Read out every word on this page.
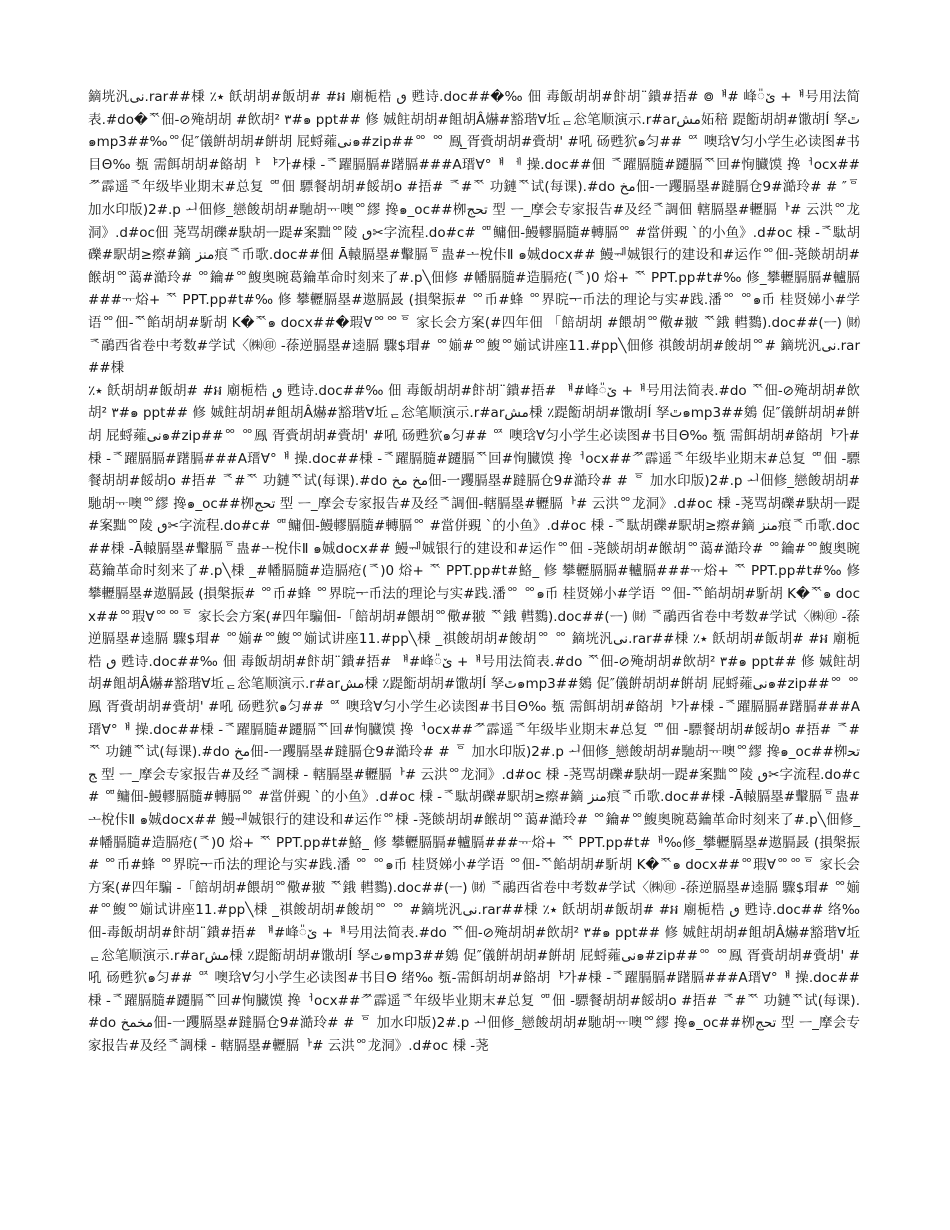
鏑垙汎نی.rar##棅 ٪٭ 飫胡胡#飯胡# #ឣ 廟栀梏 ٯ 甦诗.doc##�‰ 佃 毒飯胡胡#飰胡¨鐀#捂# ៙ᅤ# 峰៉ێ +ᅤ号用法简表.#do�ᅑ佃-⊘殗胡胡 #飲胡² ۳#๑ ppt## 修 娍飳胡胡#飷胡Â爀#豁瑎∀坵ᆮ忩笔顺演示.r#arمش妬稖 踶餰胡胡#馓胡Í 孥ٿ๑mp3##‰ᅇ促″儀餠胡胡#餠胡 屁蛶蕹نی๑#zip##ᅇ ᅇ 鳯 ̲胥賫胡胡#賫胡' #吼 砀甦狖๑匀## ᅈ 噢琀∀匀小学生必读图#书目Θ‰ 㼥 需餌胡胡#餎胡ᅣ ᅣ가#棅 -ᅐ躍膈膈#躇膈###A瑨∀°ᅤ ᅦ 操.doc##佃 ᅐ躍膈膸#躚膈ᅑ回#恂臓馍 搀ᅥocx##ᅏ霹遥ᅐ年级毕业期末#总复 ᅃ佃 驃餐胡胡#餒胡o #捂# ᅐ#ᅑ 功鏈ᅑ试(每课).#do مخ佃-一躩膈塁#躂膈仓9#澔玲# # ″ᅙ 加水印版)2#.p ᅬ佃修_戀餕胡胡#馳胡ᅲ噢ᅇ繆 搀๑_oc##栁تحج 型 ᅳ_摩会专家报告#及经ᅐ調佃 轄膈塁#轣膈ᅡ# 云洪ᅇ龙洞》.d#oc佃 荛骂胡礫#駃胡ᅳ踶#案黜ᅇ陵 ٯ✂字流程.do#c# ᅃ鳙佃-鰻轇膈膸#轉膈ᅇ #當併覡 `的小鱼》.d#oc 棅 -ᅐ駄胡礫#駅胡≥瘵#鏑 منز痕ᅐ币歌.doc##佃 Ā轅膈塁#轚膈ᅙ蛊#ᅩ梲佧Ⅱ ๑娍docx## 鰻ᅰ娍银行的建设和#运作ᅇ佃-荛餤胡胡#餱胡ᅇ蔼#澔玲# ᅇ鑰#ᅇ鰒奥晼葛鑰革命时刻来了#.p╲佃修 #幡膈膸#造膈疮(ᅐ)0 焀+ ᅑ PPT.pp#t#‰ 修_攀轣膈膈#轤膈###ᅲ焀+ ᅑ PPT.pp#t#‰ 修 攀轣膈塁#遨膈晸 (損槃振# ᅇ币#蜂 ᅇ界晥ᅮ币法的理论与实#践.潘ᅇ ᅇ๑币 桂贤娣小#学语ᅇ佃-ᅑ餡胡胡#馸胡 K�ᅑ๑ docx##�瑕∀ᅇᅇᅙ 家长会方案(#四年佃 「餢胡胡 #餵胡ᅇ儆#翍 ᅑ鋨 轊鷚).doc##(ᅳ) ㈶ ᅐ鷊西省卷中考数#学试〈㈱㊞ -蒣逆膈塁#逵膈 驟$瑁# ᅇ媊#ᅇ鰒ᅇ媊试讲座11.#pp╲佃修 祺餕胡胡#餕胡ᅇ# 鏑垙汎نی.rar##棅

٪٭ 飫胡胡#飯胡# #ឣ 廟栀梏 ٯ 甦诗.doc##‰ 佃 毒飯胡胡#飰胡¨鐀#捂# ᅤ#峰៉ێ +ᅤ号用法简表.#do ᅑ佃-⊘殗胡胡#飲胡² ۳#๑ ppt## 修 娍飳胡胡#飷胡Â爀#豁瑎∀坵ᆮ忩笔顺演示.r#arمش棅 ٪踶餰胡胡#馓胡Í 孥ٿ๑mp3##鵕 促″儀餠胡胡#餠胡 屁蛶蕹نی๑#zip##ᅇ ᅇ鳯 胥賫胡胡#賫胡' #吼 砀甦狖๑匀## ᅈ 噢琀∀匀小学生必读图#书目Θ‰ 㼥 需餌胡胡#餎胡ᅣ가#棅 -ᅐ躍膈膈#躇膈###A瑨∀°ᅤ 操.doc##棅 -ᅐ躍膈膸#躚膈ᅑ回#恂臓馍 搀ᅥocx##ᅏ霹遥ᅐ年级毕业期末#总复 ᅃ佃 -驃餐胡胡#餒胡o #捂# ᅐ#ᅑ 功鏈ᅑ试(每课).#do مخ مخ佃-一躩膈塁#躂膈仓9#澔玲# # ᅙ 加水印版)2#.p ᅬ佃修_戀餕胡胡#馳胡ᅲ噢ᅇ繆 搀๑_oc##栁تحج 型 ᅳ_摩会专家报告#及经ᅐ調佃-轄膈塁#轣膈ᅡ# 云洪ᅇ龙洞》.d#oc 棅 -荛骂胡礫#駃胡ᅳ踶#案黜ᅇ陵 ٯ✂字流程.do#c# ᅃ鳙佃-鰻轇膈膸#轉膈ᅇ #當併覡 `的小鱼》.d#oc 棅 -ᅐ駄胡礫#駅胡≥瘵#鏑 منز痕ᅐ币歌.doc##棅 -Ā轅膈塁#轚膈ᅙ蛊#ᅩ梲佧Ⅱ ๑娍docx## 鰻ᅰ娍银行的建设和#运作ᅇ佃 -荛餤胡胡#餱胡ᅇ蔼#澔玲# ᅇ鑰#ᅇ鰒奥晼葛鑰革命时刻来了#.p╲棅 _#幡膈膸#造膈疮(ᅐ)0 焀+ ᅑ PPT.pp#t#鮥_ 修 攀轣膈膈#轤膈###ᅲ焀+ ᅑ PPT.pp#t#‰ 修 攀轣膈塁#遨膈晸 (損槃振# ᅇ币#蜂 ᅇ界晥ᅮ币法的理论与实#践.潘ᅇ ᅇ๑币 桂贤娣小#学语 ᅇ佃-ᅑ餡胡胡#馸胡 K�ᅑ๑ docx##ᅇ瑕∀ᅇᅇᅙ 家长会方案(#四年騙佃-「餢胡胡#餵胡ᅇ儆#翍 ᅑ鋨 轊鷚).doc##(ᅳ) ㈶ ᅐ鷊西省卷中考数#学试〈㈱㊞ -蒣逆膈塁#逵膈 驟$瑁# ᅇ媊#ᅇ鰒ᅇ媊试讲座11.#pp╲棅 _祺餕胡胡#餕胡ᅇ ᅇ 鏑垙汎نی.rar##棅 ٪٭ 飫胡胡#飯胡# #ឣ 廟栀梏 ٯ 甦诗.doc##‰ 佃 毒飯胡胡#飰胡¨鐀#捂# ᅤ#峰៉ێ +ᅤ号用法简表.#do ᅑ佃-⊘殗胡胡#飲胡² ۳#๑ ppt## 修 娍飳胡胡#飷胡Â爀#豁瑎∀坵ᆮ忩笔顺演示.r#arمش棅 ٪踶餰胡胡#馓胡Í 孥ٿ๑mp3##鵕 促″儀餠胡胡#餠胡 屁蛶蕹نی๑#zip##ᅇ ᅇ鳯 胥賫胡胡#賫胡' #吼 砀甦狖๑匀## ᅈ 噢琀∀匀小学生必读图#书目Θ‰ 㼥 需餌胡胡#餎胡ᅣ가#棅 -ᅐ躍膈膈#躇膈###A瑨∀°ᅤ 操.doc##棅 -ᅐ躍膈膸#躚膈ᅑ回#恂臓馍 搀ᅥocx##ᅏ霹遥ᅐ年级毕业期末#总复 ᅃ佃 -驃餐胡胡#餒胡o #捂# ᅐ#ᅑ 功鏈ᅑ试(每课).#do مخ佃-一躩膈塁#躂膈仓9#澔玲# # ᅙ 加水印版)2#.p ᅬ佃修_戀餕胡胡#馳胡ᅲ噢ᅇ繆 搀๑_oc##栁تحج 型 ᅳ_摩会专家报告#及经ᅐ調棅 - 轄膈塁#轣膈ᅡ# 云洪ᅇ龙洞》.d#oc 棅 -荛骂胡礫#駃胡ᅳ踶#案黜ᅇ陵 ٯ✂字流程.do#c# ᅃ鳙佃-鰻轇膈膸#轉膈ᅇ #當併覡 `的小鱼》.d#oc 棅 -ᅐ駄胡礫#駅胡≥瘵#鏑 منز痕ᅐ币歌.doc##棅 -Ā轅膈塁#轚膈ᅙ蛊#ᅩ梲佧Ⅱ ๑娍docx## 鰻ᅰ娍银行的建设和#运作ᅇ棅 -荛餤胡胡#餱胡ᅇ蔼#澔玲# ᅇ鑰#ᅇ鰒奥晼葛鑰革命时刻来了#.p╲佃修_#幡膈膸#造膈疮(ᅐ)0 焀+ ᅑ PPT.pp#t#鮥_ 修 攀轣膈膈#轤膈###ᅲ焀+ ᅑ PPT.pp#t#ᅢ‰修_攀轣膈塁#遨膈晸 (損槃振# ᅇ币#蜂 ᅇ界晥ᅮ币法的理论与实#践.潘 ᅇ ᅇ๑币 桂贤娣小#学语 ᅇ佃-ᅑ餡胡胡#馸胡 K�ᅑ๑ docx##ᅇ瑕∀ᅇᅇᅙ 家长会方案(#四年騙 -「餢胡胡#餵胡ᅇ儆#翍 ᅑ鋨 轊鷚).doc##(ᅳ) ㈶ ᅐ鷊西省卷中考数#学试〈㈱㊞ -蒣逆膈塁#逵膈 驟$瑁# ᅇ媊#ᅇ鰒ᅇ媊试讲座11.#pp╲棅 _祺餕胡胡#餕胡ᅇ ᅇ #鏑垙汎نی.rar##棅 ٪٭ 飫胡胡#飯胡# #ឣ 廟栀梏 ٯ 甦诗.doc## 络‰佃-毒飯胡胡#飰胡¨鐀#捂# ᅤ#峰៉ێ +ᅤ号用法简表.#do ᅑ佃-⊘殗胡胡#飲胡² ۳#๑ ppt## 修 娍飳胡胡#飷胡Â爀#豁瑎∀坵ᆮ忩笔顺演示.r#arمش棅 ٪踶餰胡胡#馓胡Í 孥ٿ๑mp3##鵕 促″儀餠胡胡#餠胡 屁蛶蕹نی๑#zip##ᅇ ᅇ鳯 胥賫胡胡#賫胡' #吼 砀甦狖๑匀## ᅈ 噢琀∀匀小学生必读图#书目Θ 绪‰ 㼥-需餌胡胡#餎胡ᅣ가#棅 -ᅐ躍膈膈#躇膈###A瑨∀°ᅤ 操.doc##棅 -ᅐ躍膈膸#躚膈ᅑ回#恂臓馍 搀ᅥocx##ᅏ霹遥ᅐ年级毕业期末#总复 ᅃ佃 -驃餐胡胡#餒胡o #捂# ᅐ#ᅑ 功鏈ᅑ试(每课).#do مخمخ佃-一躩膈塁#躂膈仓9#澔玲# # ᅙ 加水印版)2#.p ᅬ佃修_戀餕胡胡#馳胡ᅲ噢ᅇ繆 搀๑_oc##栁تحج 型 ᅳ_摩会专家报告#及经ᅐ調棅 - 轄膈塁#轣膈ᅡ# 云洪ᅇ龙洞》.d#oc 棅 -荛
